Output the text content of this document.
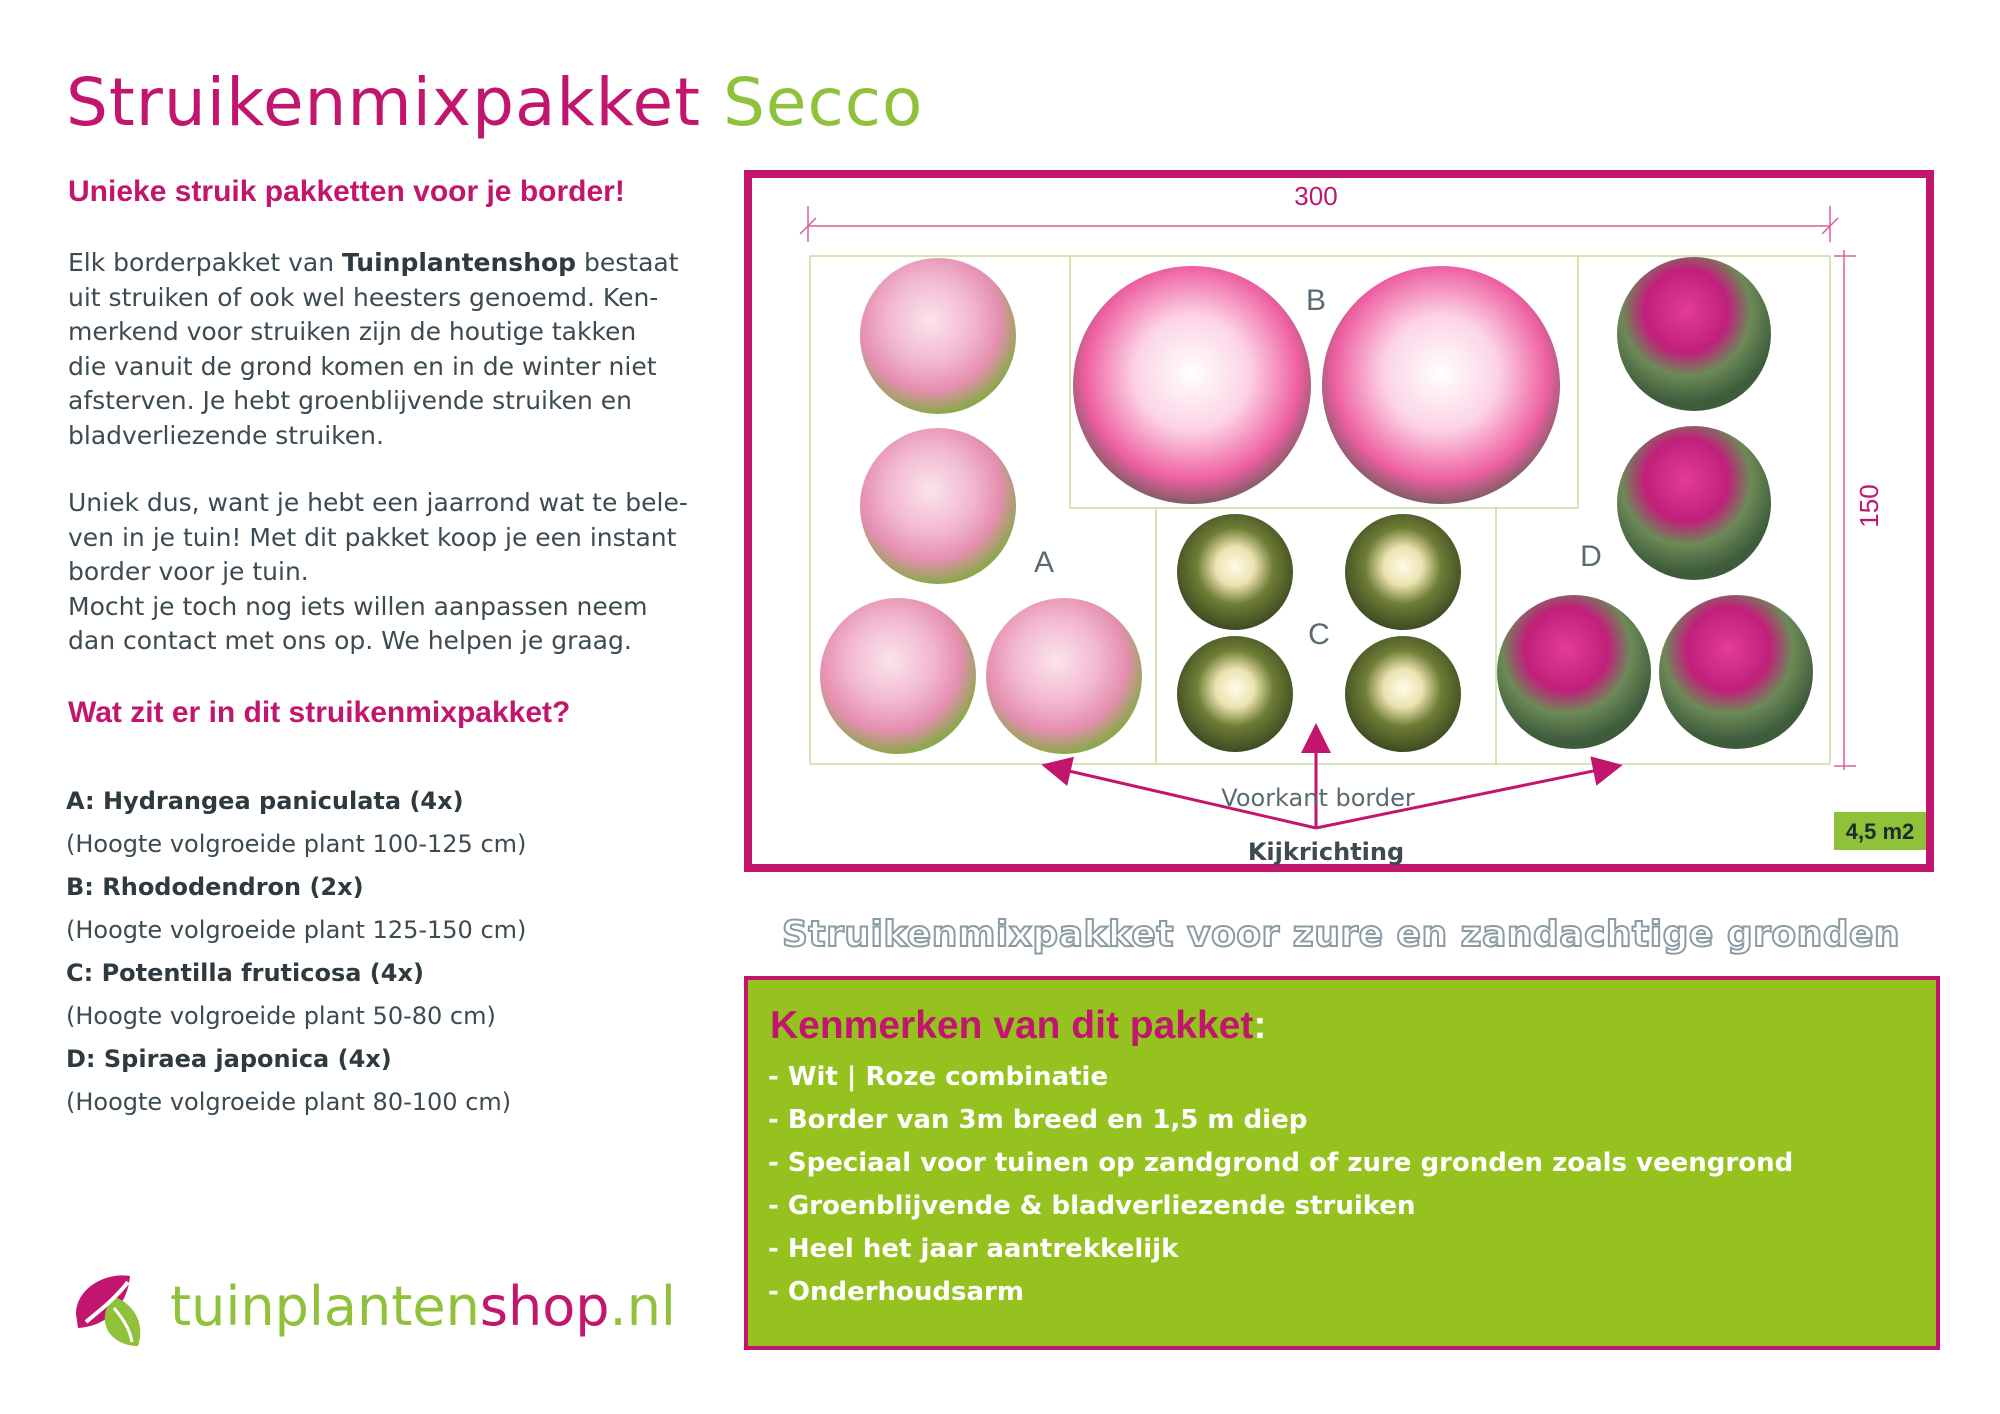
Struikenmixpakket Secco
Unieke struik pakketten voor je border!
Elk borderpakket van Tuinplantenshop bestaat
uit struiken of ook wel heesters genoemd. Ken-
merkend voor struiken zijn de houtige takken
die vanuit de grond komen en in de winter niet
afsterven. Je hebt groenblijvende struiken en
bladverliezende struiken.
Uniek dus, want je hebt een jaarrond wat te bele-
ven in je tuin! Met dit pakket koop je een instant
border voor je tuin.
Mocht je toch nog iets willen aanpassen neem
dan contact met ons op. We helpen je graag.
Wat zit er in dit struikenmixpakket?
A: Hydrangea paniculata (4x)
(Hoogte volgroeide plant 100-125 cm)
B: Rhododendron (2x)
(Hoogte volgroeide plant 125-150 cm)
C: Potentilla fruticosa (4x)
(Hoogte volgroeide plant 50-80 cm)
D: Spiraea japonica (4x)
(Hoogte volgroeide plant 80-100 cm)
tuinplantenshop.nl
300
150
A
B
C
D
Voorkant border
Kijkrichting
4,5 m2
Struikenmixpakket voor zure en zandachtige gronden
Kenmerken van dit pakket:
- Wit | Roze combinatie
- Border van 3m breed en 1,5 m diep
- Speciaal voor tuinen op zandgrond of zure gronden zoals veengrond
- Groenblijvende & bladverliezende struiken
- Heel het jaar aantrekkelijk
- Onderhoudsarm
